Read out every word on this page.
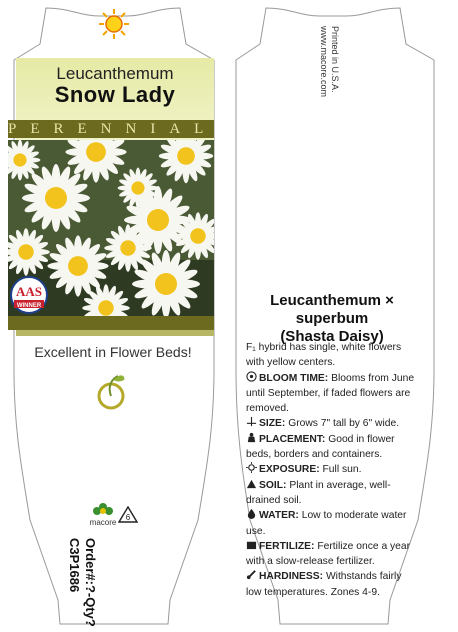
Leucanthemum
Snow Lady
PERENNIAL
AAS
WINNER
Excellent in Flower Beds!
macore
6
Order#:?-Qty?
C3P1686
Printed in U.S.A.
www.macore.com
Leucanthemum × superbum
(Shasta Daisy)

F₁ hybrid has single, white flowers with yellow centers.

BLOOM TIME: Blooms from June until September, if faded flowers are removed.

SIZE: Grows 7" tall by 6" wide.

PLACEMENT: Good in flower beds, borders and containers.

EXPOSURE: Full sun.

SOIL: Plant in average, well-drained soil.

WATER: Low to moderate water use.

FERTILIZE: Fertilize once a year with a slow-release fertilizer.

HARDINESS: Withstands fairly low temperatures. Zones 4-9.
